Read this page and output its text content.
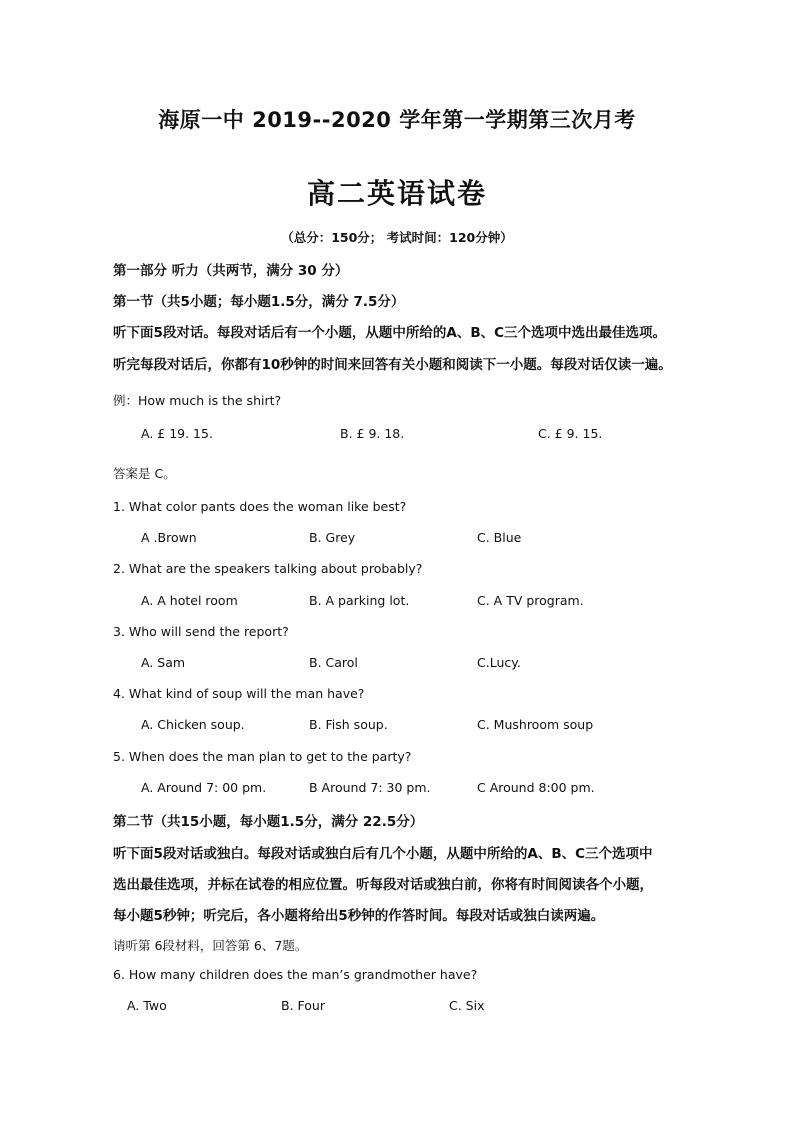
海原一中 2019--2020 学年第一学期第三次月考
高二英语试卷
（总分：150分； 考试时间：120分钟）
第一部分 听力（共两节，满分 30 分）
第一节（共5小题；每小题1.5分，满分 7.5分）
听下面5段对话。每段对话后有一个小题，从题中所给的A、B、C三个选项中选出最佳选项。
听完每段对话后，你都有10秒钟的时间来回答有关小题和阅读下一小题。每段对话仅读一遍。
例：How much is the shirt?
A. £ 19. 15.	B. £ 9. 18.	C. £ 9. 15.
答案是 C。
1. What color pants does the woman like best?
A .Brown	B. Grey	C. Blue
2. What are the speakers talking about probably?
A. A hotel room	B. A parking lot.	C. A TV program.
3. Who will send the report?
A. Sam	B. Carol	C.Lucy.
4. What kind of soup will the man have?
A. Chicken soup.	B. Fish soup.	C. Mushroom soup
5. When does the man plan to get to the party?
A. Around 7: 00 pm.	B Around 7: 30 pm.	C Around 8:00 pm.
第二节（共15小题，每小题1.5分，满分 22.5分）
听下面5段对话或独白。每段对话或独白后有几个小题，从题中所给的A、B、C三个选项中
选出最佳选项，并标在试卷的相应位置。听每段对话或独白前，你将有时间阅读各个小题，
每小题5秒钟；听完后，各小题将给出5秒钟的作答时间。每段对话或独白读两遍。
请听第 6段材料，回答第 6、7题。
6. How many children does the man’s grandmother have?
A. Two	B. Four	C. Six
